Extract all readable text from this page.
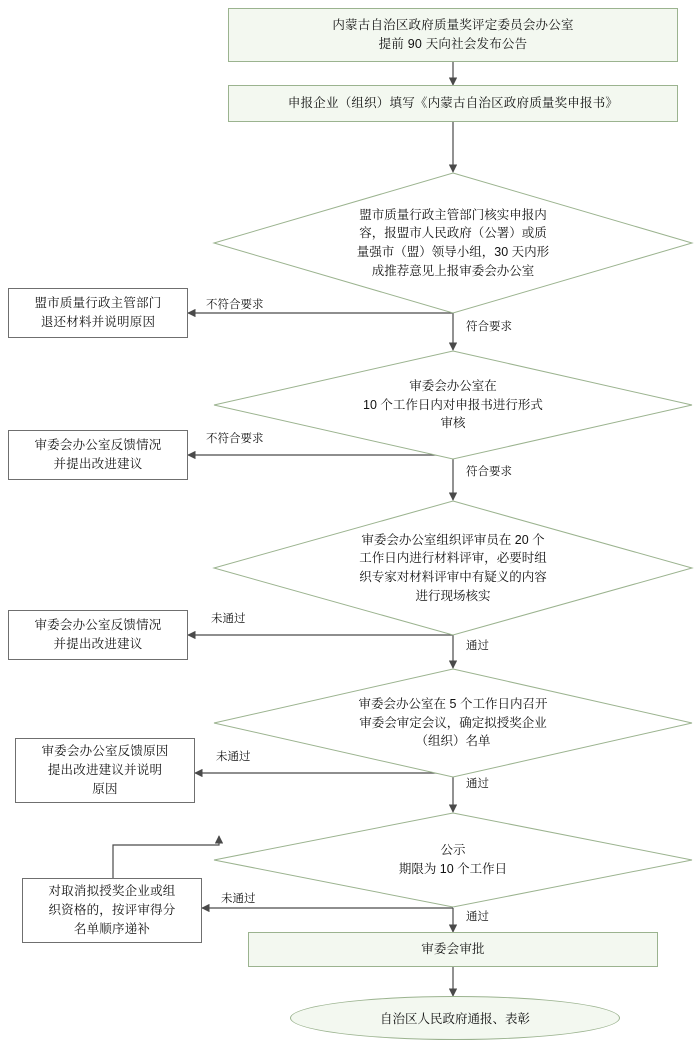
内蒙古自治区政府质量奖评定委员会办公室
提前 90 天向社会发布公告
申报企业（组织）填写《内蒙古自治区政府质量奖申报书》
盟市质量行政主管部门核实申报内
容，报盟市人民政府（公署）或质
量强市（盟）领导小组，30 天内形
成推荐意见上报审委会办公室
盟市质量行政主管部门
退还材料并说明原因
审委会办公室在
10 个工作日内对申报书进行形式
审核
审委会办公室反馈情况
并提出改进建议
审委会办公室组织评审员在 20 个
工作日内进行材料评审，必要时组
织专家对材料评审中有疑义的内容
进行现场核实
审委会办公室反馈情况
并提出改进建议
审委会办公室在 5 个工作日内召开
审委会审定会议，确定拟授奖企业
（组织）名单
审委会办公室反馈原因
提出改进建议并说明
原因
公示
期限为 10 个工作日
对取消拟授奖企业或组
织资格的，按评审得分
名单顺序递补
审委会审批
自治区人民政府通报、表彰
不符合要求
符合要求
不符合要求
符合要求
未通过
通过
未通过
通过
未通过
通过
